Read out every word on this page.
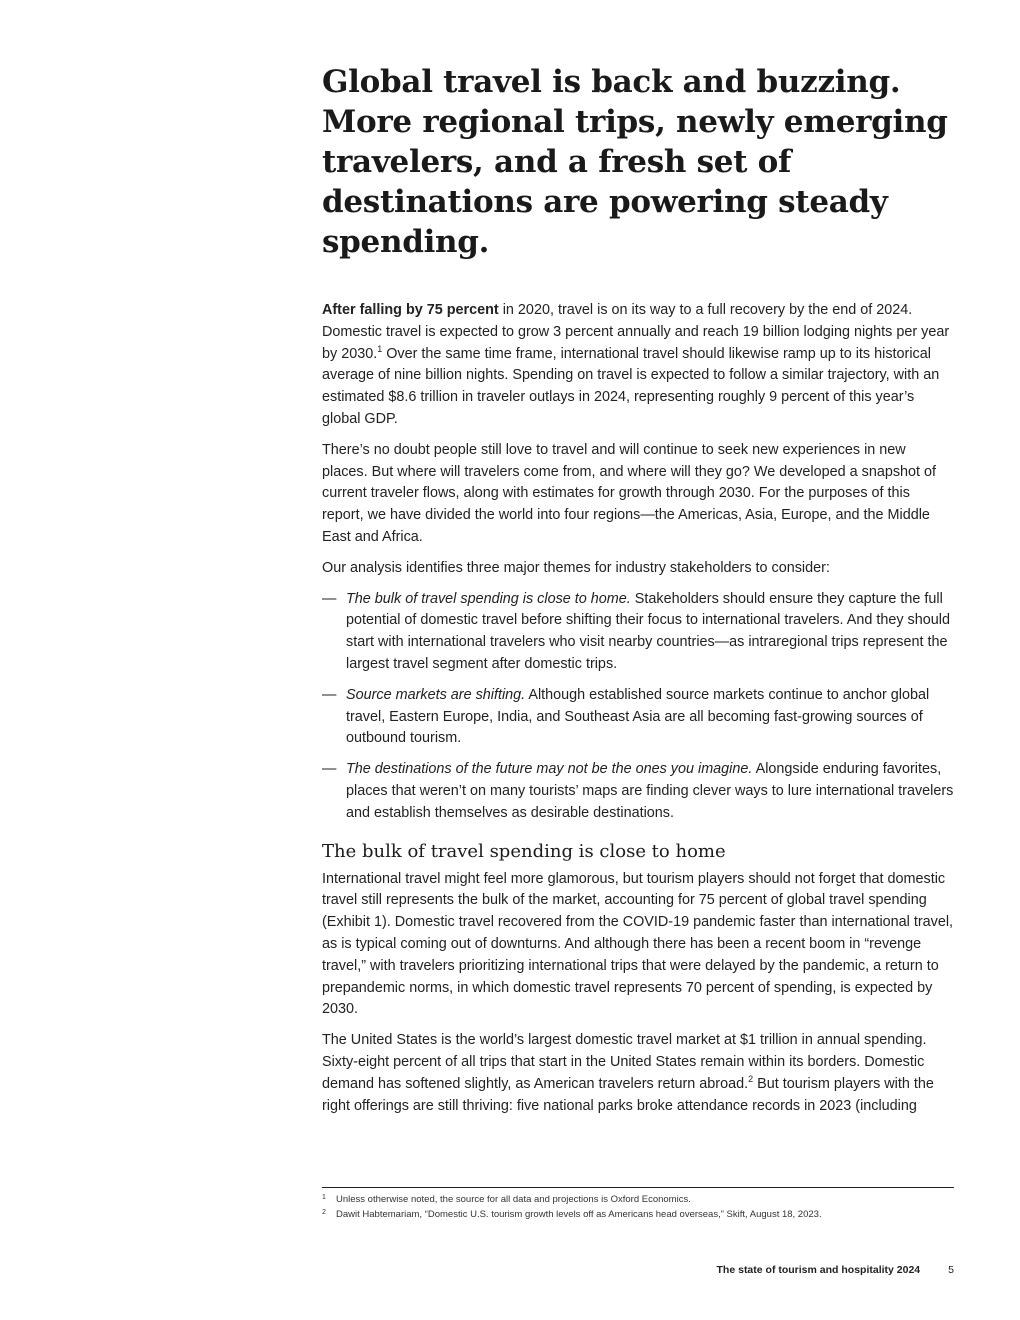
Global travel is back and buzzing. More regional trips, newly emerging travelers, and a fresh set of destinations are powering steady spending.

After falling by 75 percent in 2020, travel is on its way to a full recovery by the end of 2024. Domestic travel is expected to grow 3 percent annually and reach 19 billion lodging nights per year by 2030.$^1$ Over the same time frame, international travel should likewise ramp up to its historical average of nine billion nights. Spending on travel is expected to follow a similar trajectory, with an estimated $8.6 trillion in traveler outlays in 2024, representing roughly 9 percent of this year’s global GDP.

There’s no doubt people still love to travel and will continue to seek new experiences in new places. But where will travelers come from, and where will they go? We developed a snapshot of current traveler flows, along with estimates for growth through 2030. For the purposes of this report, we have divided the world into four regions—the Americas, Asia, Europe, and the Middle East and Africa.

Our analysis identifies three major themes for industry stakeholders to consider:

— The bulk of travel spending is close to home. Stakeholders should ensure they capture the full potential of domestic travel before shifting their focus to international travelers. And they should start with international travelers who visit nearby countries—as intraregional trips represent the largest travel segment after domestic trips.
— Source markets are shifting. Although established source markets continue to anchor global travel, Eastern Europe, India, and Southeast Asia are all becoming fast-growing sources of outbound tourism.
— The destinations of the future may not be the ones you imagine. Alongside enduring favorites, places that weren’t on many tourists’ maps are finding clever ways to lure international travelers and establish themselves as desirable destinations.
The bulk of travel spending is close to home

International travel might feel more glamorous, but tourism players should not forget that domestic travel still represents the bulk of the market, accounting for 75 percent of global travel spending (Exhibit 1). Domestic travel recovered from the COVID-19 pandemic faster than international travel, as is typical coming out of downturns. And although there has been a recent boom in “revenge travel,” with travelers prioritizing international trips that were delayed by the pandemic, a return to prepandemic norms, in which domestic travel represents 70 percent of spending, is expected by 2030.

The United States is the world’s largest domestic travel market at $1 trillion in annual spending. Sixty-eight percent of all trips that start in the United States remain within its borders. Domestic demand has softened slightly, as American travelers return abroad.$^2$ But tourism players with the right offerings are still thriving: five national parks broke attendance records in 2023 (including

1 Unless otherwise noted, the source for all data and projections is Oxford Economics.
2 Dawit Habtemariam, “Domestic U.S. tourism growth levels off as Americans head overseas,” Skift, August 18, 2023.
The state of tourism and hospitality 2024	5
